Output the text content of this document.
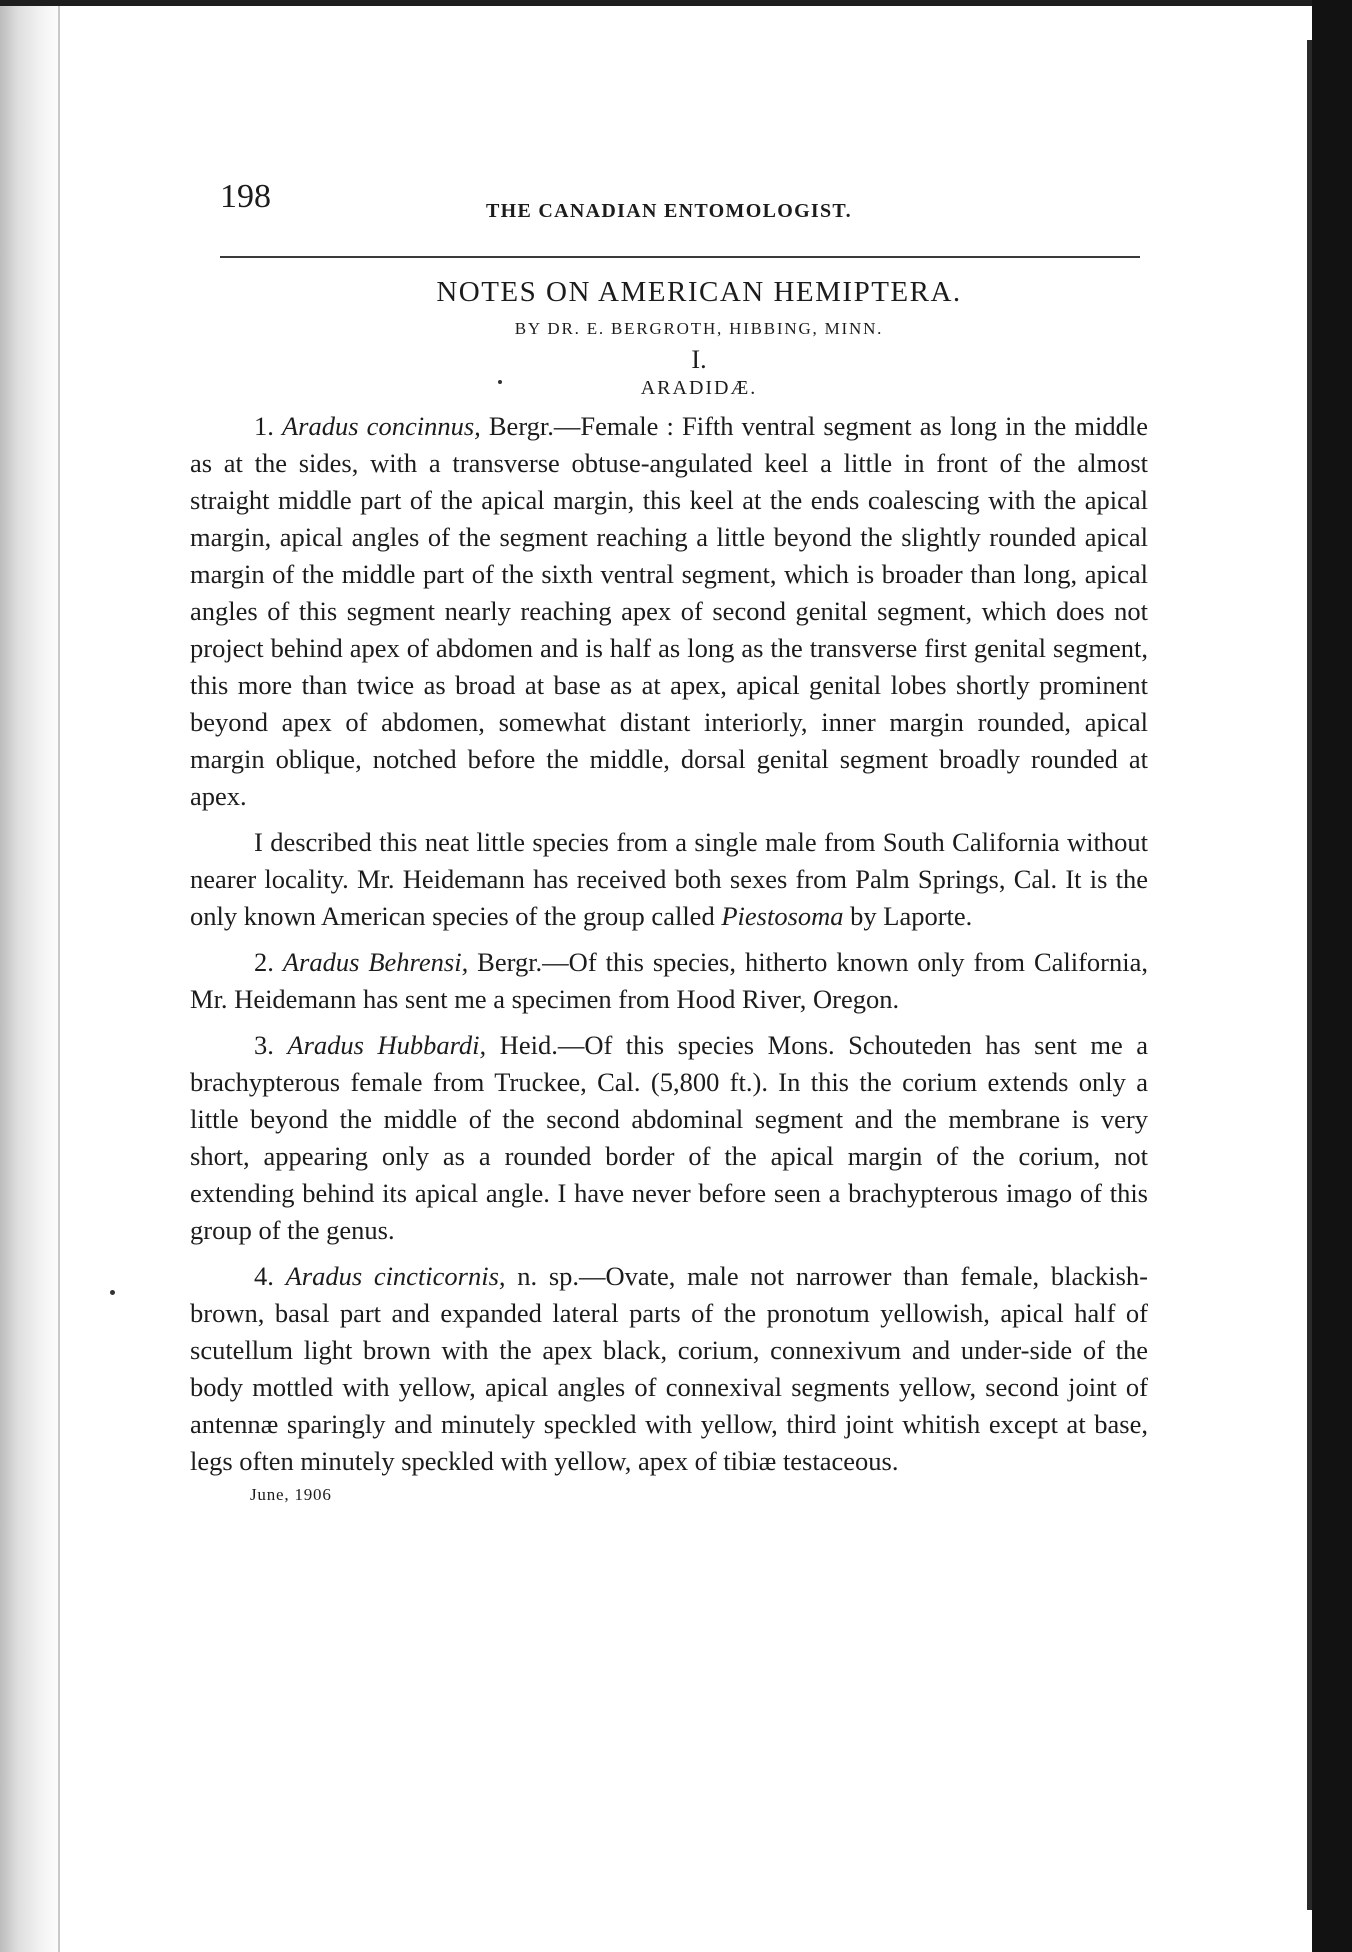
198	THE CANADIAN ENTOMOLOGIST.
NOTES ON AMERICAN HEMIPTERA.
BY DR. E. BERGROTH, HIBBING, MINN.
I.
ARADIDÆ.

1. Aradus concinnus, Bergr.—Female : Fifth ventral segment as long in the middle as at the sides, with a transverse obtuse-angulated keel a little in front of the almost straight middle part of the apical margin, this keel at the ends coalescing with the apical margin, apical angles of the segment reaching a little beyond the slightly rounded apical margin of the middle part of the sixth ventral segment, which is broader than long, apical angles of this segment nearly reaching apex of second genital segment, which does not project behind apex of abdomen and is half as long as the transverse first genital segment, this more than twice as broad at base as at apex, apical genital lobes shortly prominent beyond apex of abdomen, somewhat distant interiorly, inner margin rounded, apical margin oblique, notched before the middle, dorsal genital segment broadly rounded at apex.

I described this neat little species from a single male from South California without nearer locality. Mr. Heidemann has received both sexes from Palm Springs, Cal. It is the only known American species of the group called Piestosoma by Laporte.

2. Aradus Behrensi, Bergr.—Of this species, hitherto known only from California, Mr. Heidemann has sent me a specimen from Hood River, Oregon.

3. Aradus Hubbardi, Heid.—Of this species Mons. Schouteden has sent me a brachypterous female from Truckee, Cal. (5,800 ft.). In this the corium extends only a little beyond the middle of the second abdominal segment and the membrane is very short, appearing only as a rounded border of the apical margin of the corium, not extending behind its apical angle. I have never before seen a brachypterous imago of this group of the genus.

4. Aradus cincticornis, n. sp.—Ovate, male not narrower than female, blackish-brown, basal part and expanded lateral parts of the pronotum yellowish, apical half of scutellum light brown with the apex black, corium, connexivum and under-side of the body mottled with yellow, apical angles of connexival segments yellow, second joint of antennæ sparingly and minutely speckled with yellow, third joint whitish except at base, legs often minutely speckled with yellow, apex of tibiæ testaceous.

June, 1906
